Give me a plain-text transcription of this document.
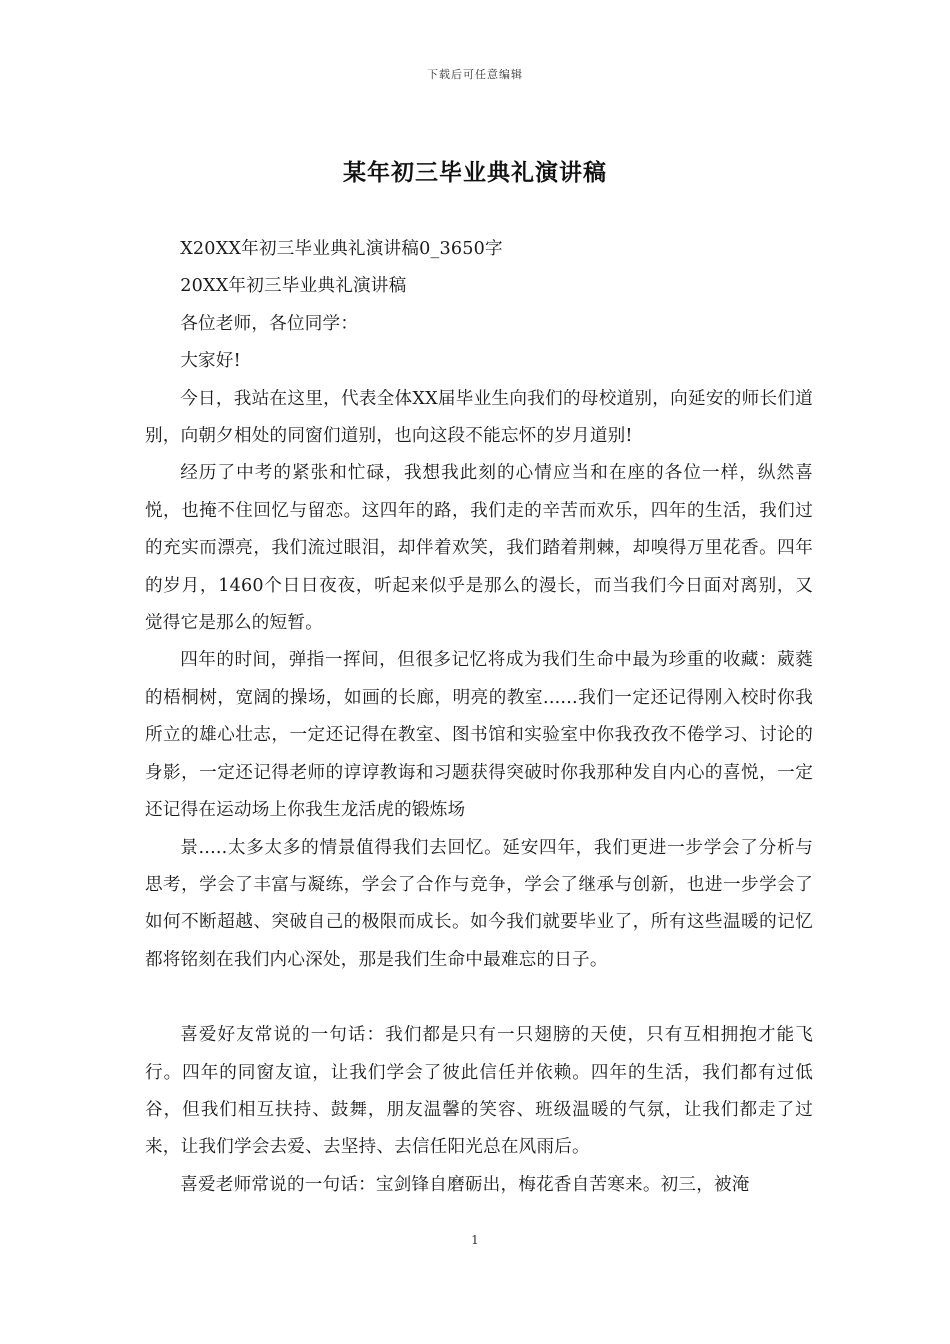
下载后可任意编辑
某年初三毕业典礼演讲稿

X20XX年初三毕业典礼演讲稿0_3650字

20XX年初三毕业典礼演讲稿

各位老师，各位同学：

大家好!

今日，我站在这里，代表全体XX届毕业生向我们的母校道别，向延安的师长们道别，向朝夕相处的同窗们道别，也向这段不能忘怀的岁月道别!

经历了中考的紧张和忙碌，我想我此刻的心情应当和在座的各位一样，纵然喜悦，也掩不住回忆与留恋。这四年的路，我们走的辛苦而欢乐，四年的生活，我们过的充实而漂亮，我们流过眼泪，却伴着欢笑，我们踏着荆棘，却嗅得万里花香。四年的岁月，1460个日日夜夜，听起来似乎是那么的漫长，而当我们今日面对离别，又觉得它是那么的短暂。

四年的时间，弹指一挥间，但很多记忆将成为我们生命中最为珍重的收藏：葳蕤的梧桐树，宽阔的操场，如画的长廊，明亮的教室......我们一定还记得刚入校时你我所立的雄心壮志，一定还记得在教室、图书馆和实验室中你我孜孜不倦学习、讨论的身影，一定还记得老师的谆谆教诲和习题获得突破时你我那种发自内心的喜悦，一定还记得在运动场上你我生龙活虎的锻炼场

景.....太多太多的情景值得我们去回忆。延安四年，我们更进一步学会了分析与思考，学会了丰富与凝练，学会了合作与竞争，学会了继承与创新，也进一步学会了如何不断超越、突破自己的极限而成长。如今我们就要毕业了，所有这些温暖的记忆都将铭刻在我们内心深处，那是我们生命中最难忘的日子。

喜爱好友常说的一句话：我们都是只有一只翅膀的天使，只有互相拥抱才能飞行。四年的同窗友谊，让我们学会了彼此信任并依赖。四年的生活，我们都有过低谷，但我们相互扶持、鼓舞，朋友温馨的笑容、班级温暖的气氛，让我们都走了过来，让我们学会去爱、去坚持、去信任阳光总在风雨后。

喜爱老师常说的一句话：宝剑锋自磨砺出，梅花香自苦寒来。初三，被淹

1
